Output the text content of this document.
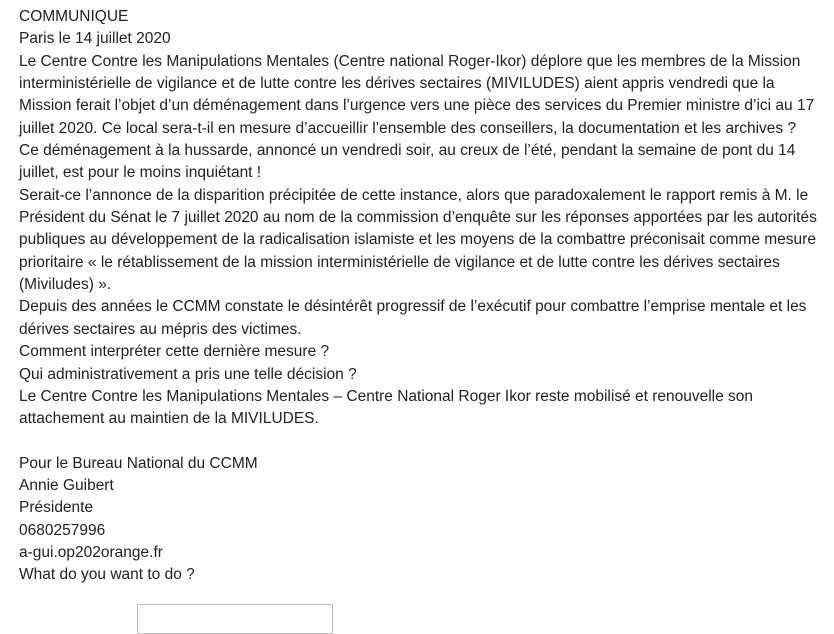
COMMUNIQUE
Paris le 14 juillet 2020
Le Centre Contre les Manipulations Mentales (Centre national Roger-Ikor) déplore que les membres de la Mission interministérielle de vigilance et de lutte contre les dérives sectaires (MIVILUDES) aient appris vendredi que la Mission ferait l’objet d’un déménagement dans l’urgence vers une pièce des services du Premier ministre d’ici au 17 juillet 2020. Ce local sera-t-il en mesure d’accueillir l’ensemble des conseillers, la documentation et les archives ?
Ce déménagement à la hussarde, annoncé un vendredi soir, au creux de l’été, pendant la semaine de pont du 14 juillet, est pour le moins inquiétant !
Serait-ce l’annonce de la disparition précipitée de cette instance, alors que paradoxalement le rapport remis à M. le Président du Sénat le 7 juillet 2020 au nom de la commission d’enquête sur les réponses apportées par les autorités publiques au développement de la radicalisation islamiste et les moyens de la combattre préconisait comme mesure prioritaire « le rétablissement de la mission interministérielle de vigilance et de lutte contre les dérives sectaires (Miviludes) ».
Depuis des années le CCMM constate le désintérêt progressif de l’exécutif pour combattre l’emprise mentale et les dérives sectaires au mépris des victimes.
Comment interpréter cette dernière mesure ?
Qui administrativement a pris une telle décision ?
Le Centre Contre les Manipulations Mentales – Centre National Roger Ikor reste mobilisé et renouvelle son attachement au maintien de la MIVILUDES.
Pour le Bureau National du CCMM
Annie Guibert
Présidente
0680257996
a-gui.op202orange.fr
What do you want to do ?
